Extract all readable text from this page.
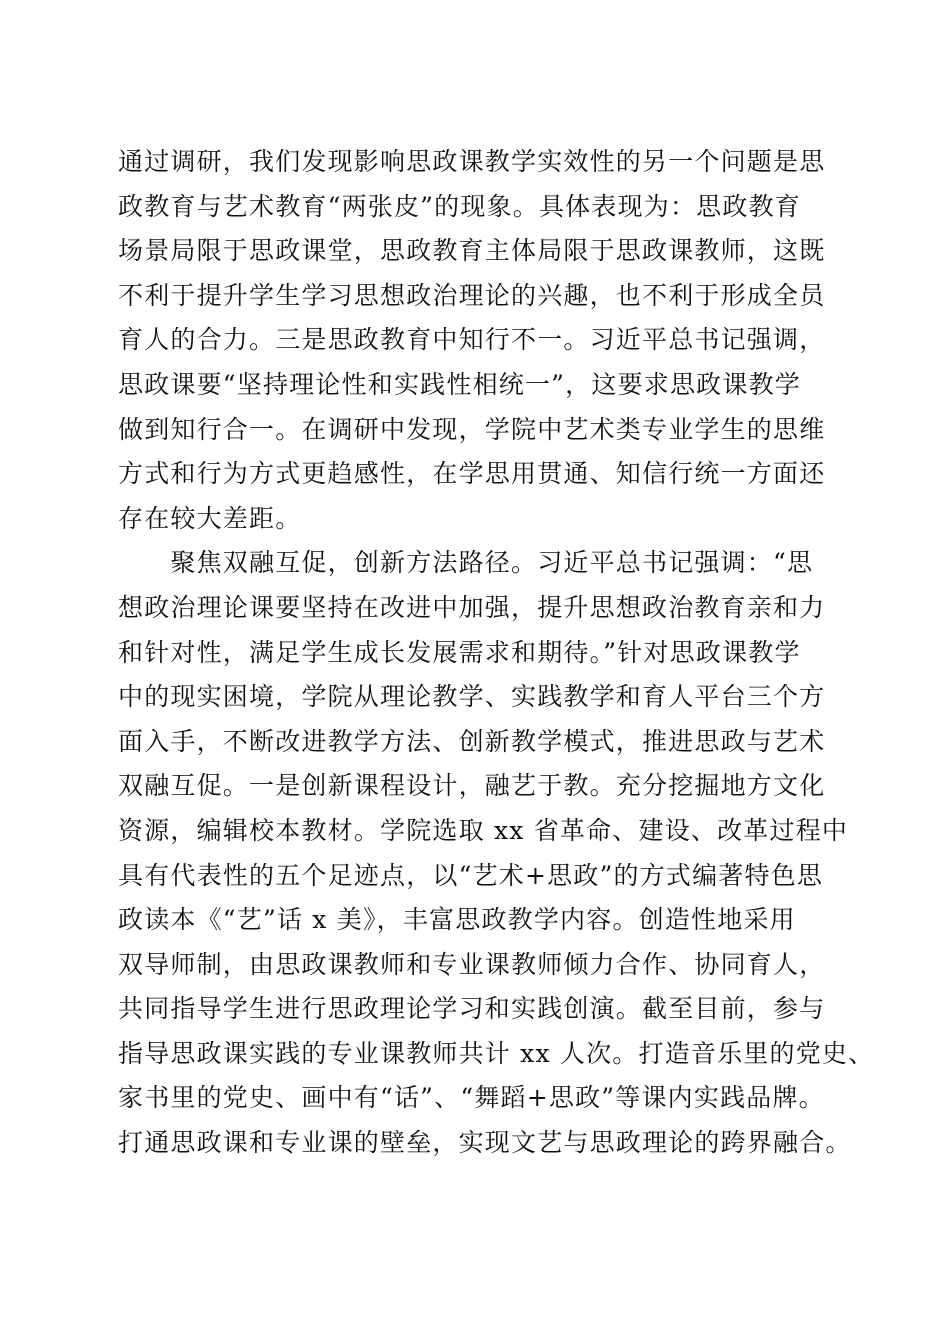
通过调研，我们发现影响思政课教学实效性的另一个问题是思
政教育与艺术教育“两张皮”的现象。具体表现为：思政教育
场景局限于思政课堂，思政教育主体局限于思政课教师，这既
不利于提升学生学习思想政治理论的兴趣，也不利于形成全员
育人的合力。三是思政教育中知行不一。习近平总书记强调，
思政课要“坚持理论性和实践性相统一”，这要求思政课教学
做到知行合一。在调研中发现，学院中艺术类专业学生的思维
方式和行为方式更趋感性，在学思用贯通、知信行统一方面还
存在较大差距。
　　聚焦双融互促，创新方法路径。习近平总书记强调：“思
想政治理论课要坚持在改进中加强，提升思想政治教育亲和力
和针对性，满足学生成长发展需求和期待。”针对思政课教学
中的现实困境，学院从理论教学、实践教学和育人平台三个方
面入手，不断改进教学方法、创新教学模式，推进思政与艺术
双融互促。一是创新课程设计，融艺于教。充分挖掘地方文化
资源，编辑校本教材。学院选取 xx 省革命、建设、改革过程中
具有代表性的五个足迹点，以“艺术+思政”的方式编著特色思
政读本《“艺”话 x 美》，丰富思政教学内容。创造性地采用
双导师制，由思政课教师和专业课教师倾力合作、协同育人，
共同指导学生进行思政理论学习和实践创演。截至目前，参与
指导思政课实践的专业课教师共计 xx 人次。打造音乐里的党史、
家书里的党史、画中有“话”、“舞蹈+思政”等课内实践品牌。
打通思政课和专业课的壁垒，实现文艺与思政理论的跨界融合。
